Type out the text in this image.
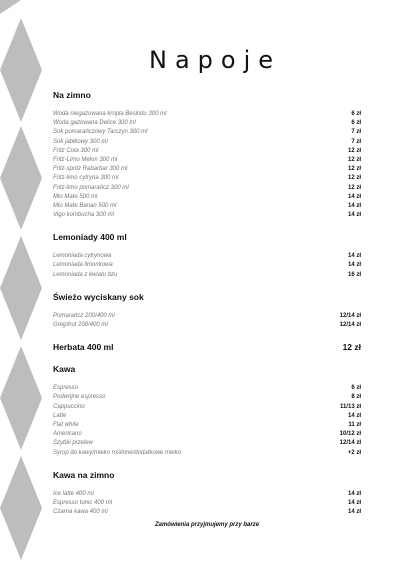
Napoje
Na zimno
Woda niegazowana kropla Beskidu 300 ml	6 zł
Woda gazowana Delice 300 ml	6 zł
Sok pomarańczowy Tarczyn 300 ml	7 zł
Sok jabłkowy 300 ml	7 zł
Fritz Cola 300 ml	12 zł
Fritz-Limo Melon 300 ml	12 zł
Fritz-spritz Rabarbar 300 ml	12 zł
Fritz-limo cytryna 300 ml	12 zł
Fritz-limo pomarańcz 300 ml	12 zł
Mio Mate 500 ml	14 zł
Mio Mate Banan 500 ml	14 zł
Vigo kombucha 300 ml	14 zł
Lemoniady 400 ml
Lemoniada cytrynowa	14 zł
Lemoniada limonkowa	14 zł
Lemoniada z kwiatu bzu	16 zł
Świeżo wyciskany sok
Pomarańcz 200/400 ml	12/14 zł
Grejpfrut 200/400 ml	12/14 zł
Herbata 400 ml	12 zł
Kawa
Espresso	6 zł
Podwójne espresso	8 zł
Cappuccino	11/13 zł
Latte	14 zł
Flat white	11 zł
Americano	10/12 zł
Szybki przelew	12/14 zł
Syrop do kawy/mleko roślinne/dodatkowe mleko	+2 zł
Kawa na zimno
Ice latte 400 ml	14 zł
Espresso tonic 400 ml	14 zł
Czarna kawa 400 ml	14 zł
Zamówienia przyjmujemy przy barze
